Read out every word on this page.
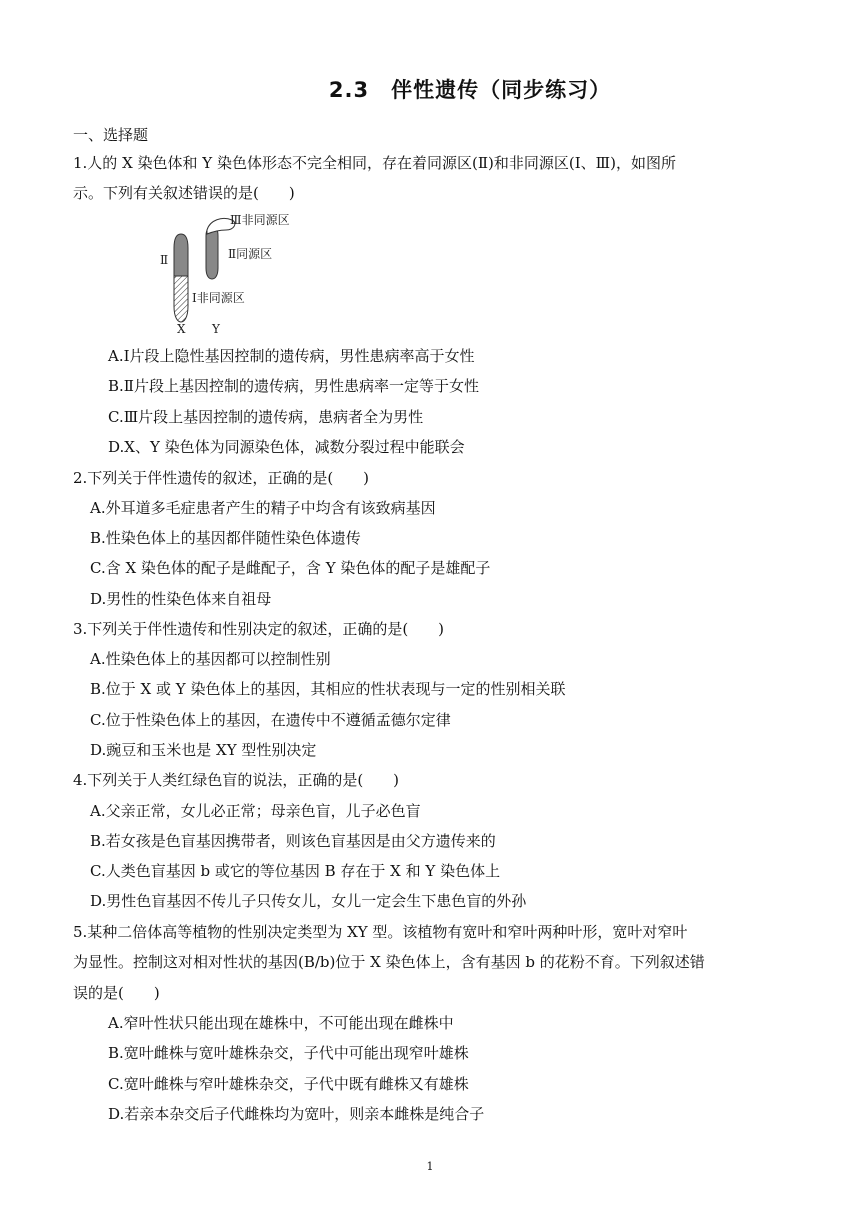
2.3　伴性遗传（同步练习）
一、选择题
1.人的 X 染色体和 Y 染色体形态不完全相同，存在着同源区(Ⅱ)和非同源区(Ⅰ、Ⅲ)，如图所
示。下列有关叙述错误的是(　　)
Ⅲ非同源区
Ⅱ同源区
Ⅱ
Ⅰ非同源区
X Y
A.Ⅰ片段上隐性基因控制的遗传病，男性患病率高于女性
B.Ⅱ片段上基因控制的遗传病，男性患病率一定等于女性
C.Ⅲ片段上基因控制的遗传病，患病者全为男性
D.X、Y 染色体为同源染色体，减数分裂过程中能联会
2.下列关于伴性遗传的叙述，正确的是(　　)
A.外耳道多毛症患者产生的精子中均含有该致病基因
B.性染色体上的基因都伴随性染色体遗传
C.含 X 染色体的配子是雌配子，含 Y 染色体的配子是雄配子
D.男性的性染色体来自祖母
3.下列关于伴性遗传和性别决定的叙述，正确的是(　　)
A.性染色体上的基因都可以控制性别
B.位于 X 或 Y 染色体上的基因，其相应的性状表现与一定的性别相关联
C.位于性染色体上的基因，在遗传中不遵循孟德尔定律
D.豌豆和玉米也是 XY 型性别决定
4.下列关于人类红绿色盲的说法，正确的是(　　)
A.父亲正常，女儿必正常；母亲色盲，儿子必色盲
B.若女孩是色盲基因携带者，则该色盲基因是由父方遗传来的
C.人类色盲基因 b 或它的等位基因 B 存在于 X 和 Y 染色体上
D.男性色盲基因不传儿子只传女儿，女儿一定会生下患色盲的外孙
5.某种二倍体高等植物的性别决定类型为 XY 型。该植物有宽叶和窄叶两种叶形，宽叶对窄叶
为显性。控制这对相对性状的基因(B/b)位于 X 染色体上，含有基因 b 的花粉不育。下列叙述错
误的是(　　)
A.窄叶性状只能出现在雄株中，不可能出现在雌株中
B.宽叶雌株与宽叶雄株杂交，子代中可能出现窄叶雄株
C.宽叶雌株与窄叶雄株杂交，子代中既有雌株又有雄株
D.若亲本杂交后子代雌株均为宽叶，则亲本雌株是纯合子
1
